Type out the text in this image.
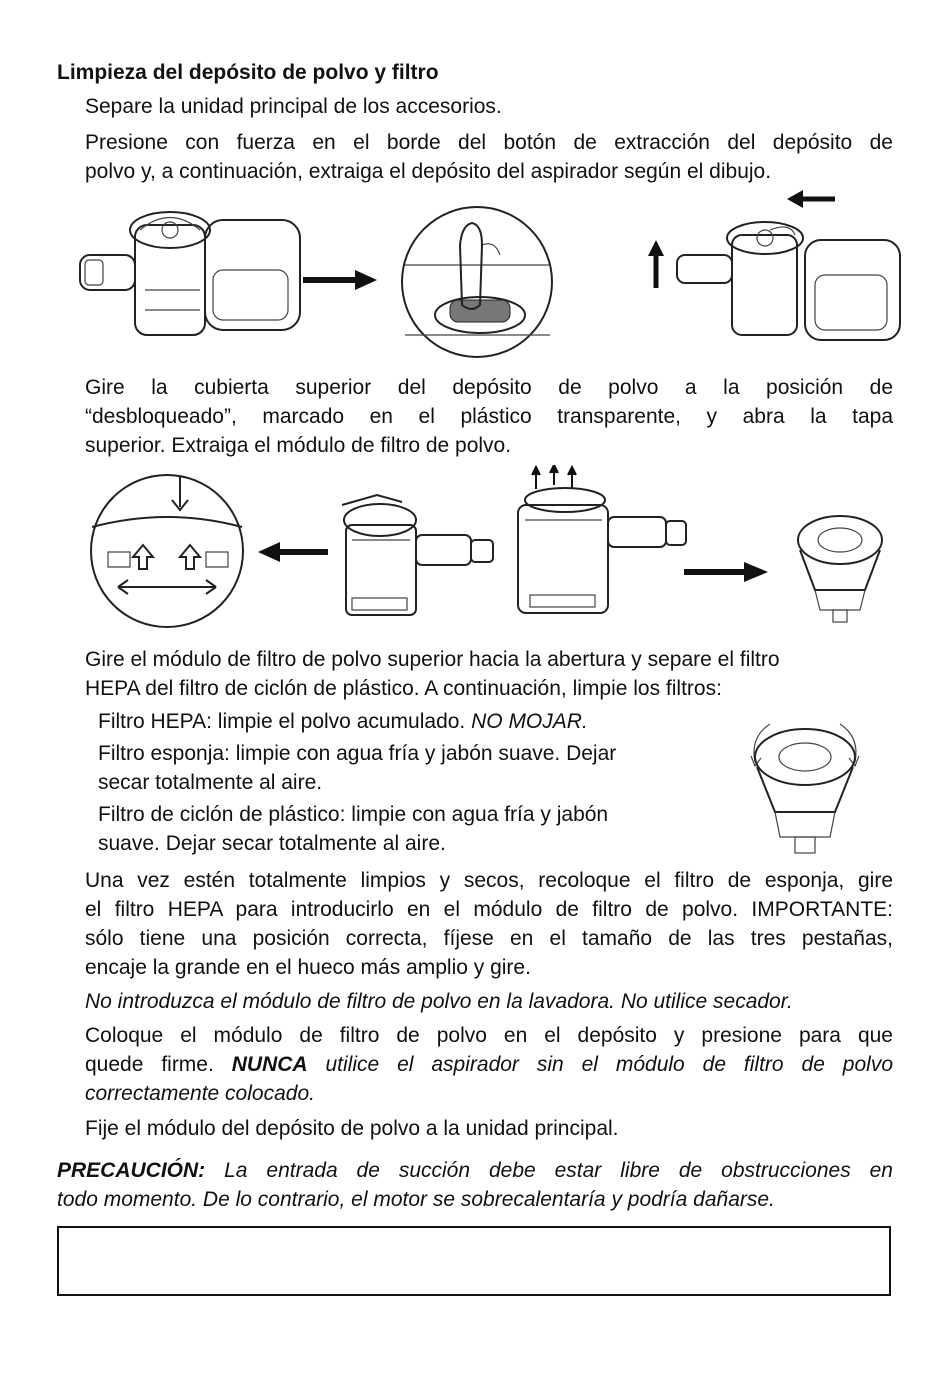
Limpieza del depósito de polvo y filtro

Separe la unidad principal de los accesorios.

Presione con fuerza en el borde del botón de extracción del depósito de

polvo y, a continuación, extraiga el depósito del aspirador según el dibujo.

Gire la cubierta superior del depósito de polvo a la posición de

“desbloqueado”, marcado en el plástico transparente, y abra la tapa

superior. Extraiga el módulo de filtro de polvo.

Gire el módulo de filtro de polvo superior hacia la abertura y separe el filtro

HEPA del filtro de ciclón de plástico. A continuación, limpie los filtros:

Filtro HEPA: limpie el polvo acumulado. NO MOJAR.

Filtro esponja: limpie con agua fría y jabón suave. Dejar

secar totalmente al aire.

Filtro de ciclón de plástico: limpie con agua fría y jabón

suave. Dejar secar totalmente al aire.

Una vez estén totalmente limpios y secos, recoloque el filtro de esponja, gire

el filtro HEPA para introducirlo en el módulo de filtro de polvo. IMPORTANTE:

sólo tiene una posición correcta, fíjese en el tamaño de las tres pestañas,

encaje la grande en el hueco más amplio y gire.

No introduzca el módulo de filtro de polvo en la lavadora. No utilice secador.

Coloque el módulo de filtro de polvo en el depósito y presione para que

quede firme. NUNCA utilice el aspirador sin el módulo de filtro de polvo

correctamente colocado.

Fije el módulo del depósito de polvo a la unidad principal.

PRECAUCIÓN: La entrada de succión debe estar libre de obstrucciones en

todo momento. De lo contrario, el motor se sobrecalentaría y podría dañarse.
